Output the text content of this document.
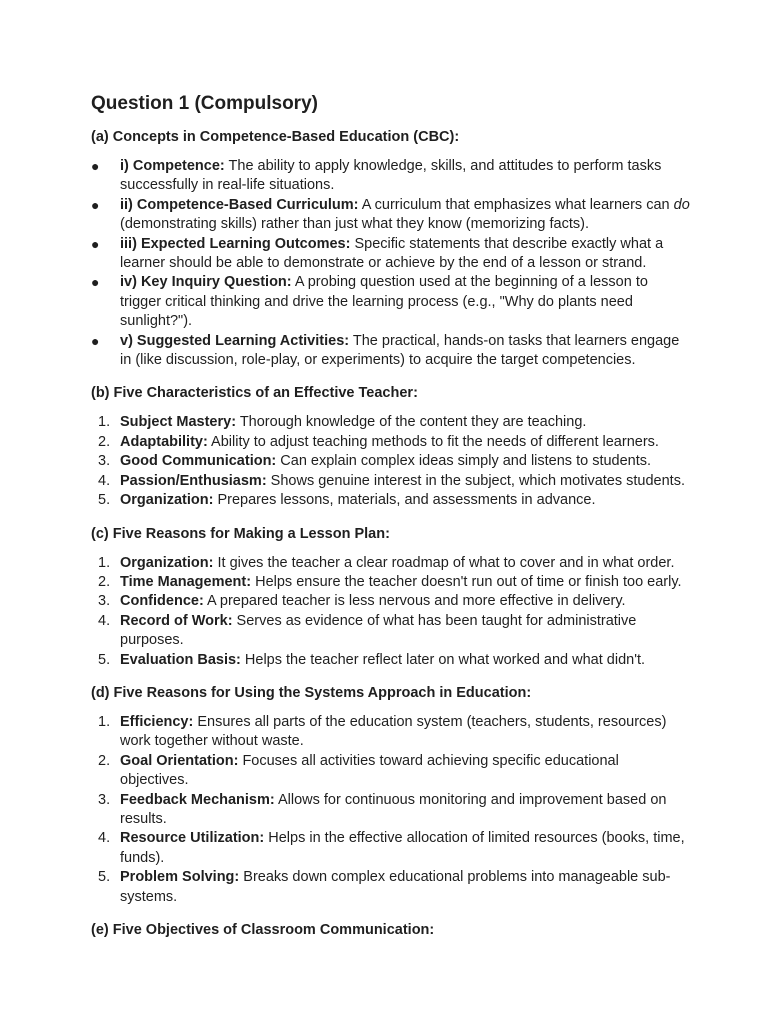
Question 1 (Compulsory)
(a) Concepts in Competence-Based Education (CBC):
● i) Competence: The ability to apply knowledge, skills, and attitudes to perform tasks successfully in real-life situations.
● ii) Competence-Based Curriculum: A curriculum that emphasizes what learners can do (demonstrating skills) rather than just what they know (memorizing facts).
● iii) Expected Learning Outcomes: Specific statements that describe exactly what a learner should be able to demonstrate or achieve by the end of a lesson or strand.
● iv) Key Inquiry Question: A probing question used at the beginning of a lesson to trigger critical thinking and drive the learning process (e.g., "Why do plants need sunlight?").
● v) Suggested Learning Activities: The practical, hands-on tasks that learners engage in (like discussion, role-play, or experiments) to acquire the target competencies.
(b) Five Characteristics of an Effective Teacher:
1. Subject Mastery: Thorough knowledge of the content they are teaching.
2. Adaptability: Ability to adjust teaching methods to fit the needs of different learners.
3. Good Communication: Can explain complex ideas simply and listens to students.
4. Passion/Enthusiasm: Shows genuine interest in the subject, which motivates students.
5. Organization: Prepares lessons, materials, and assessments in advance.
(c) Five Reasons for Making a Lesson Plan:
1. Organization: It gives the teacher a clear roadmap of what to cover and in what order.
2. Time Management: Helps ensure the teacher doesn't run out of time or finish too early.
3. Confidence: A prepared teacher is less nervous and more effective in delivery.
4. Record of Work: Serves as evidence of what has been taught for administrative purposes.
5. Evaluation Basis: Helps the teacher reflect later on what worked and what didn't.
(d) Five Reasons for Using the Systems Approach in Education:
1. Efficiency: Ensures all parts of the education system (teachers, students, resources) work together without waste.
2. Goal Orientation: Focuses all activities toward achieving specific educational objectives.
3. Feedback Mechanism: Allows for continuous monitoring and improvement based on results.
4. Resource Utilization: Helps in the effective allocation of limited resources (books, time, funds).
5. Problem Solving: Breaks down complex educational problems into manageable sub-systems.
(e) Five Objectives of Classroom Communication:
